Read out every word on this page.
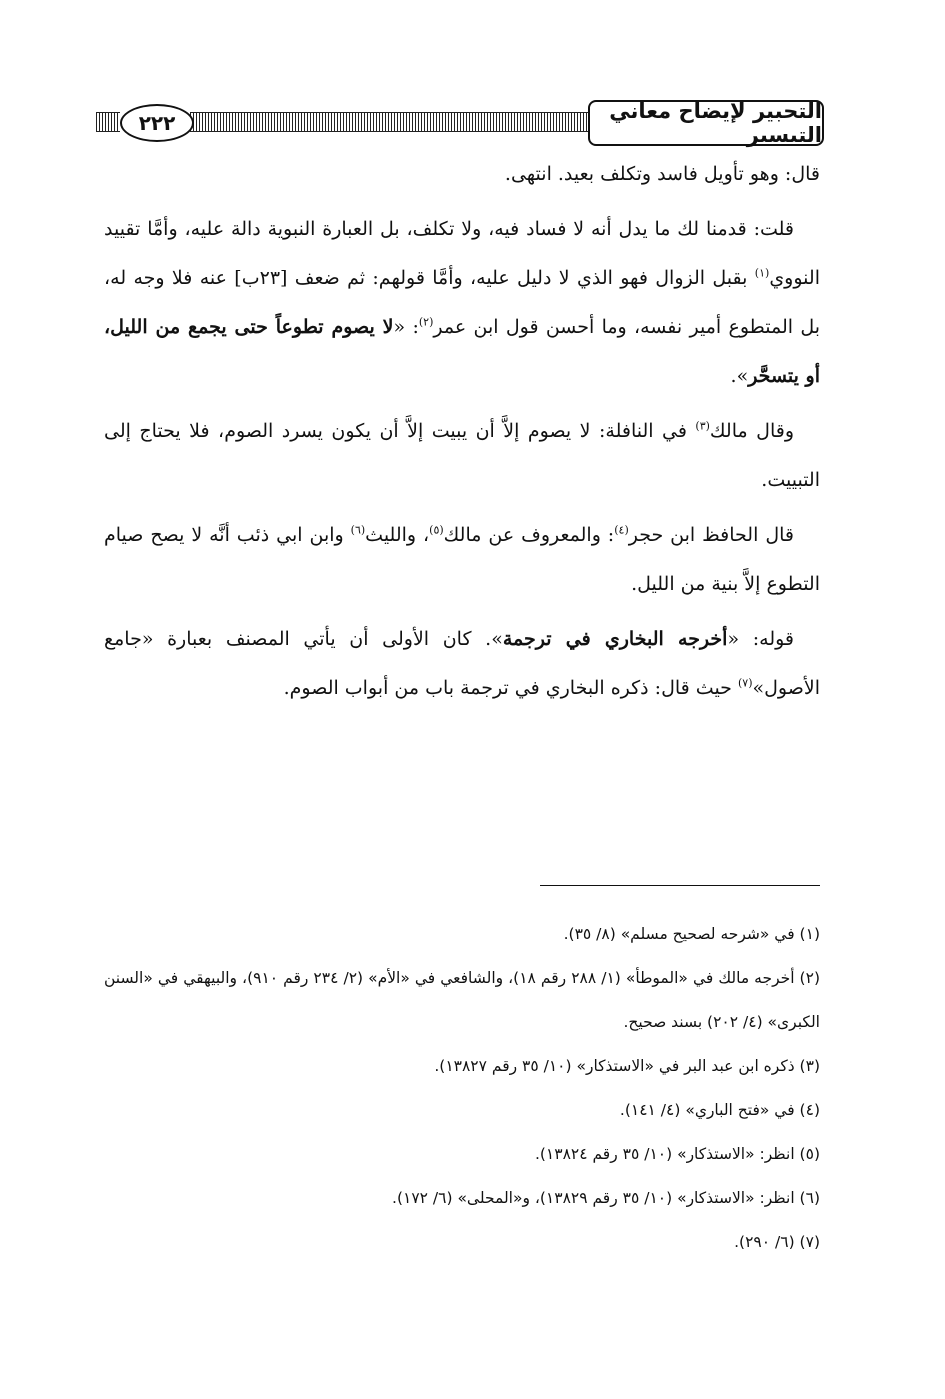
التحبير لإيضاح معاني التيسير
٢٢٢

قال: وهو تأويل فاسد وتكلف بعيد. انتهى.

قلت: قدمنا لك ما يدل أنه لا فساد فيه، ولا تكلف، بل العبارة النبوية دالة عليه، وأمَّا تقييد النووي$^{(١)}$ بقبل الزوال فهو الذي لا دليل عليه، وأمَّا قولهم: ثم ضعف [٢٣ب] عنه فلا وجه له، بل المتطوع أمير نفسه، وما أحسن قول ابن عمر$^{(٢)}$: «لا يصوم تطوعاً حتى يجمع من الليل، أو يتسحَّر».

وقال مالك$^{(٣)}$ في النافلة: لا يصوم إلاَّ أن يبيت إلاَّ أن يكون يسرد الصوم، فلا يحتاج إلى التبييت.

قال الحافظ ابن حجر$^{(٤)}$: والمعروف عن مالك$^{(٥)}$، والليث$^{(٦)}$ وابن ابي ذئب أنَّه لا يصح صيام التطوع إلاَّ بنية من الليل.

قوله: «أخرجه البخاري في ترجمة». كان الأولى أن يأتي المصنف بعبارة «جامع الأصول»$^{(٧)}$ حيث قال: ذكره البخاري في ترجمة باب من أبواب الصوم.

(١) في «شرحه لصحيح مسلم» (٨/ ٣٥).
(٢) أخرجه مالك في «الموطأ» (١/ ٢٨٨ رقم ١٨)، والشافعي في «الأم» (٢/ ٢٣٤ رقم ٩١٠)، والبيهقي في «السنن الكبرى» (٤/ ٢٠٢) بسند صحيح.
(٣) ذكره ابن عبد البر في «الاستذكار» (١٠/ ٣٥ رقم ١٣٨٢٧).
(٤) في «فتح الباري» (٤/ ١٤١).
(٥) انظر: «الاستذكار» (١٠/ ٣٥ رقم ١٣٨٢٤).
(٦) انظر: «الاستذكار» (١٠/ ٣٥ رقم ١٣٨٢٩)، و«المحلى» (٦/ ١٧٢).
(٧) (٦/ ٢٩٠).
